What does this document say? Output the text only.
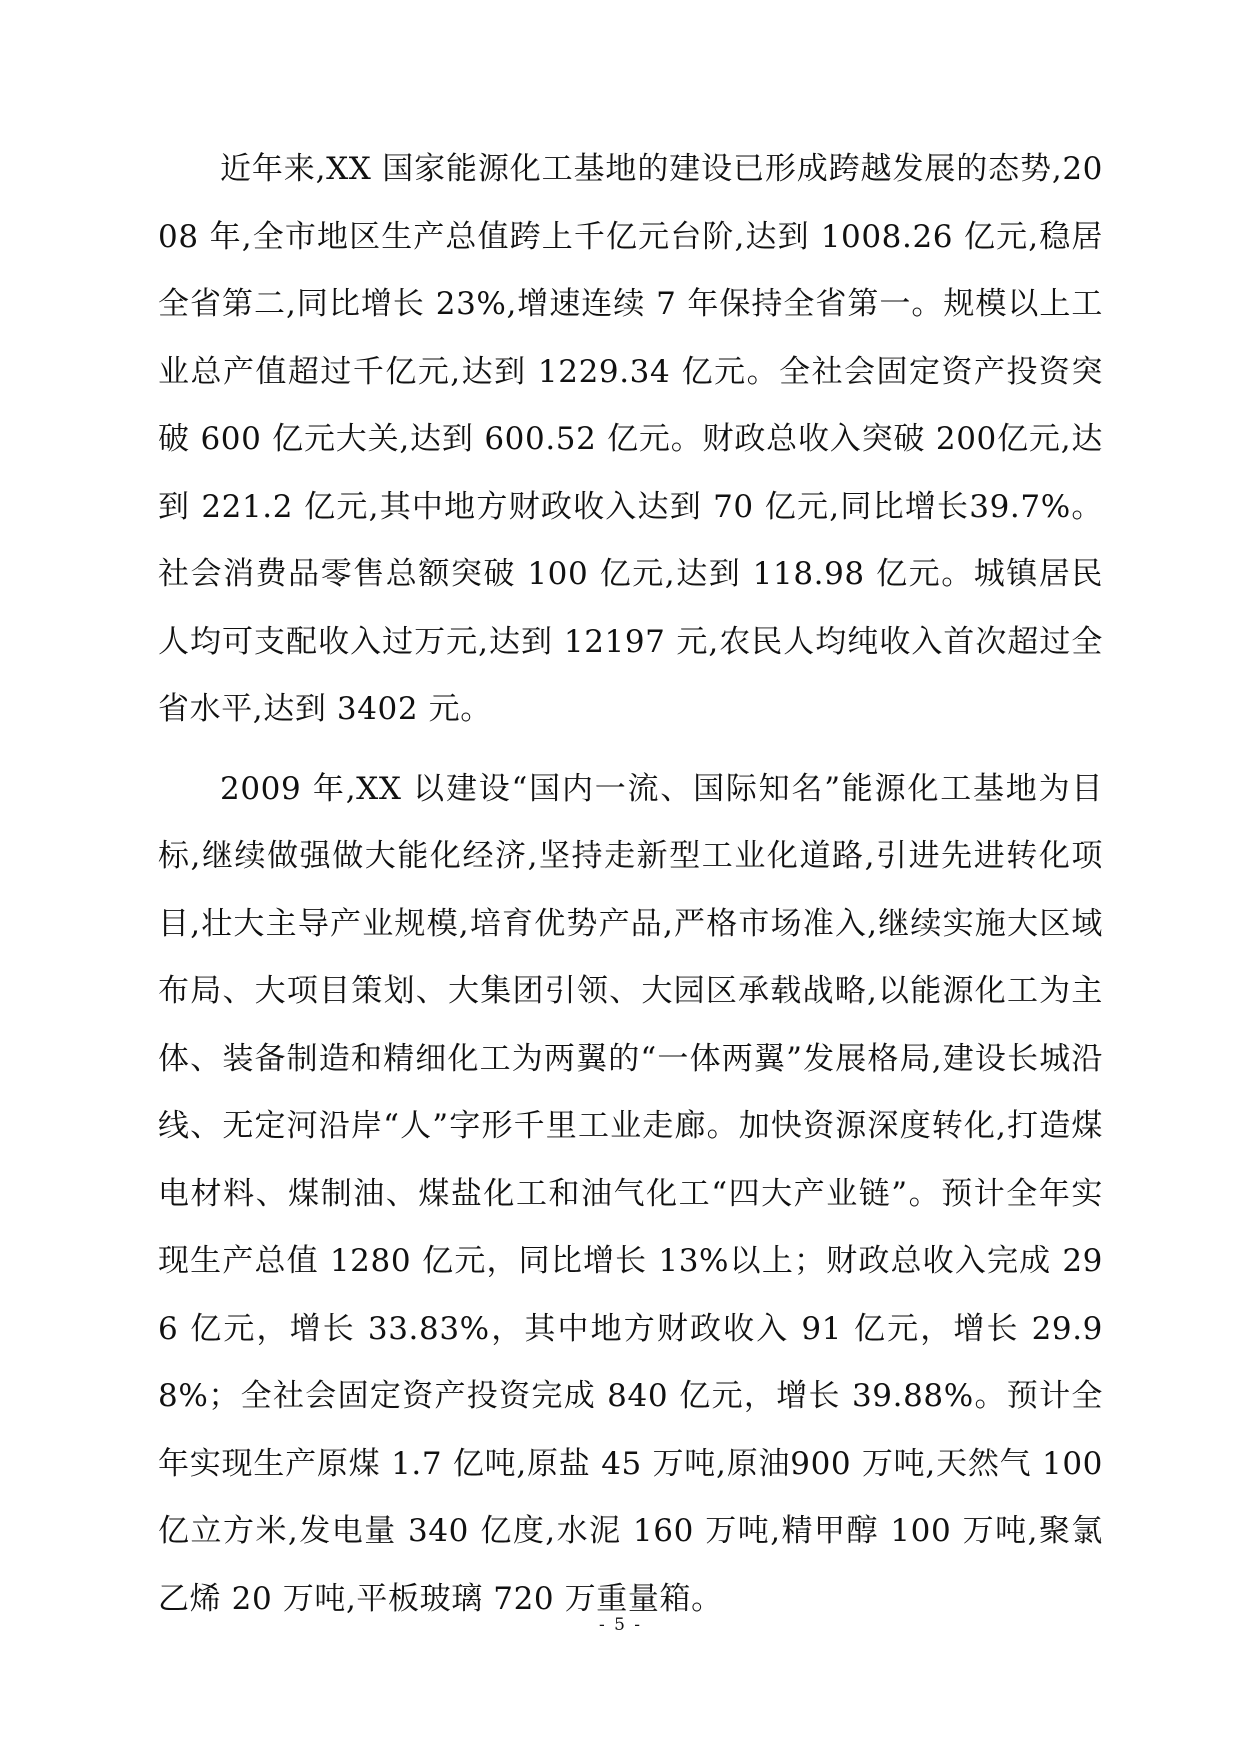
近年来,XX 国家能源化工基地的建设已形成跨越发展的态势,2008 年,全市地区生产总值跨上千亿元台阶,达到 1008.26 亿元,稳居全省第二,同比增长 23%,增速连续 7 年保持全省第一。规模以上工业总产值超过千亿元,达到 1229.34 亿元。全社会固定资产投资突破 600 亿元大关,达到 600.52 亿元。财政总收入突破 200亿元,达到 221.2 亿元,其中地方财政收入达到 70 亿元,同比增长39.7%。社会消费品零售总额突破 100 亿元,达到 118.98 亿元。城镇居民人均可支配收入过万元,达到 12197 元,农民人均纯收入首次超过全省水平,达到 3402 元。

2009 年,XX 以建设“国内一流、国际知名”能源化工基地为目标,继续做强做大能化经济,坚持走新型工业化道路,引进先进转化项目,壮大主导产业规模,培育优势产品,严格市场准入,继续实施大区域布局、大项目策划、大集团引领、大园区承载战略,以能源化工为主体、装备制造和精细化工为两翼的“一体两翼”发展格局,建设长城沿线、无定河沿岸“人”字形千里工业走廊。加快资源深度转化,打造煤电材料、煤制油、煤盐化工和油气化工“四大产业链”。预计全年实现生产总值 1280 亿元，同比增长 13%以上；财政总收入完成 296 亿元，增长 33.83%，其中地方财政收入 91 亿元，增长 29.98%；全社会固定资产投资完成 840 亿元，增长 39.88%。预计全年实现生产原煤 1.7 亿吨,原盐 45 万吨,原油900 万吨,天然气 100 亿立方米,发电量 340 亿度,水泥 160 万吨,精甲醇 100 万吨,聚氯乙烯 20 万吨,平板玻璃 720 万重量箱。

- 5 -
